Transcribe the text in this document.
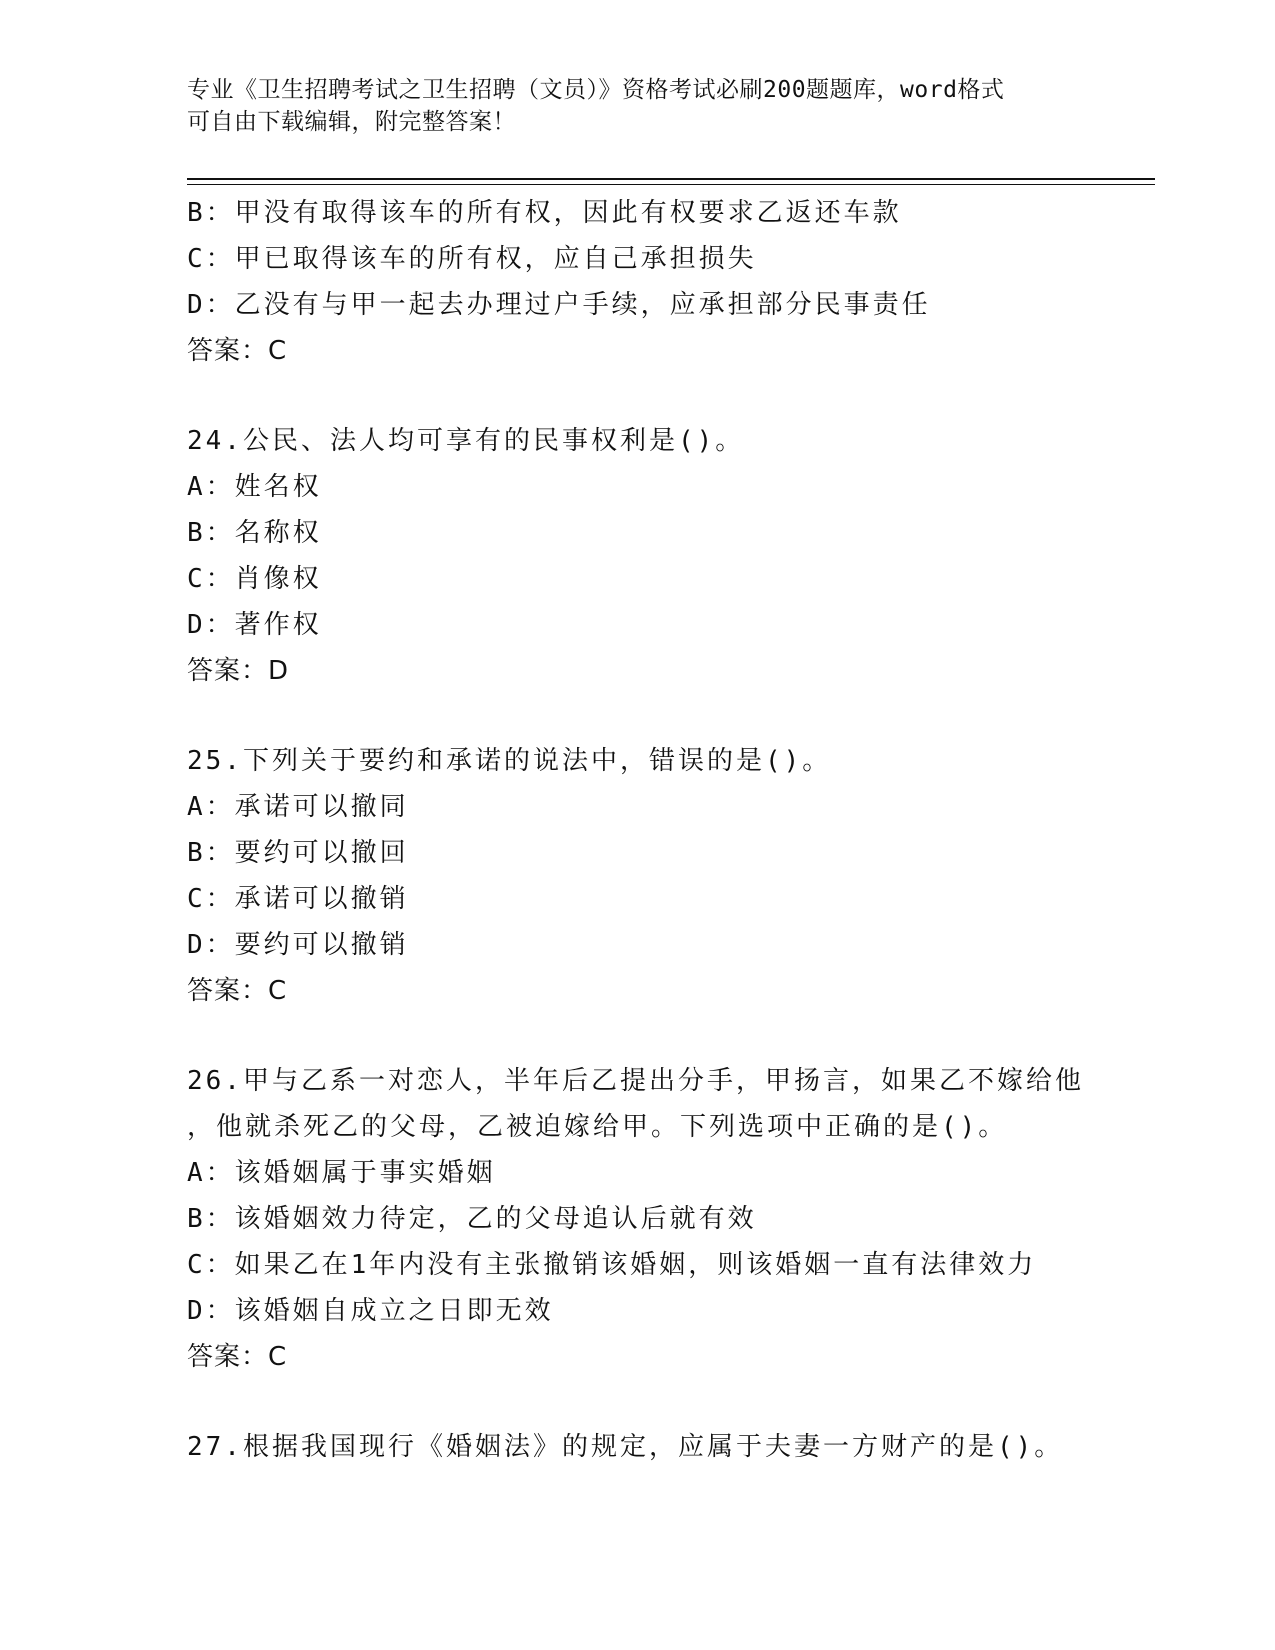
专业《卫生招聘考试之卫生招聘（文员）》资格考试必刷200题题库，word格式
可自由下载编辑，附完整答案！
B：甲没有取得该车的所有权，因此有权要求乙返还车款
C：甲已取得该车的所有权，应自己承担损失
D：乙没有与甲一起去办理过户手续，应承担部分民事责任
答案：C
24.公民、法人均可享有的民事权利是()。
A：姓名权
B：名称权
C：肖像权
D：著作权
答案：D
25.下列关于要约和承诺的说法中，错误的是()。
A：承诺可以撤同
B：要约可以撤回
C：承诺可以撤销
D：要约可以撤销
答案：C
26.甲与乙系一对恋人，半年后乙提出分手，甲扬言，如果乙不嫁给他
，他就杀死乙的父母，乙被迫嫁给甲。下列选项中正确的是()。
A：该婚姻属于事实婚姻
B：该婚姻效力待定，乙的父母追认后就有效
C：如果乙在1年内没有主张撤销该婚姻，则该婚姻一直有法律效力
D：该婚姻自成立之日即无效
答案：C
27.根据我国现行《婚姻法》的规定，应属于夫妻一方财产的是()。
